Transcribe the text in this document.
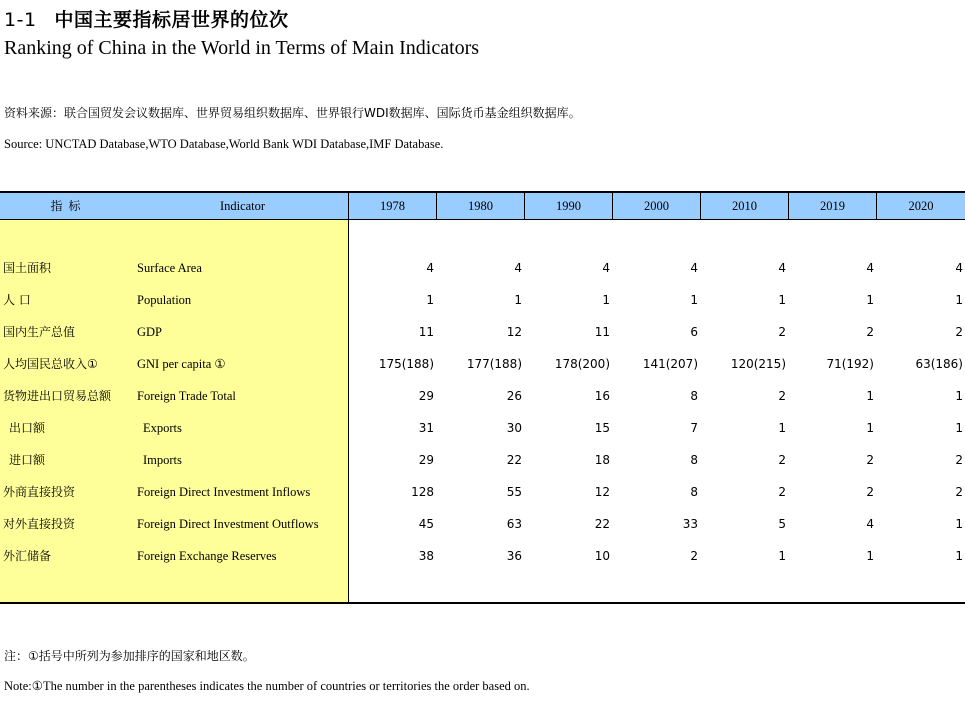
1-1 中国主要指标居世界的位次
Ranking of China in the World in Terms of Main Indicators
资料来源：联合国贸发会议数据库、世界贸易组织数据库、世界银行WDI数据库、国际货币基金组织数据库。
Source: UNCTAD Database,WTO Database,World Bank WDI Database,IMF Database.
指标	Indicator	1978	1980	1990	2000	2010	2019	2020
国土面积	Surface Area	4	4	4	4	4	4	4
人 口	Population	1	1	1	1	1	1	1
国内生产总值	GDP	11	12	11	6	2	2	2
人均国民总收入①	GNI per capita ①	175(188)	177(188)	178(200)	141(207)	120(215)	71(192)	63(186)
货物进出口贸易总额 Foreign Trade Total	29	26	16	8	2	1	1
出口额	Exports	31	30	15	7	1	1	1
进口额	Imports	29	22	18	8	2	2	2
外商直接投资	Foreign Direct Investment Inflows	128	55	12	8	2	2	2
对外直接投资	Foreign Direct Investment Outflows	45	63	22	33	5	4	1
外汇储备	Foreign Exchange Reserves	38	36	10	2	1	1	1
注：①括号中所列为参加排序的国家和地区数。
Note:①The number in the parentheses indicates the number of countries or territories the order based on.
